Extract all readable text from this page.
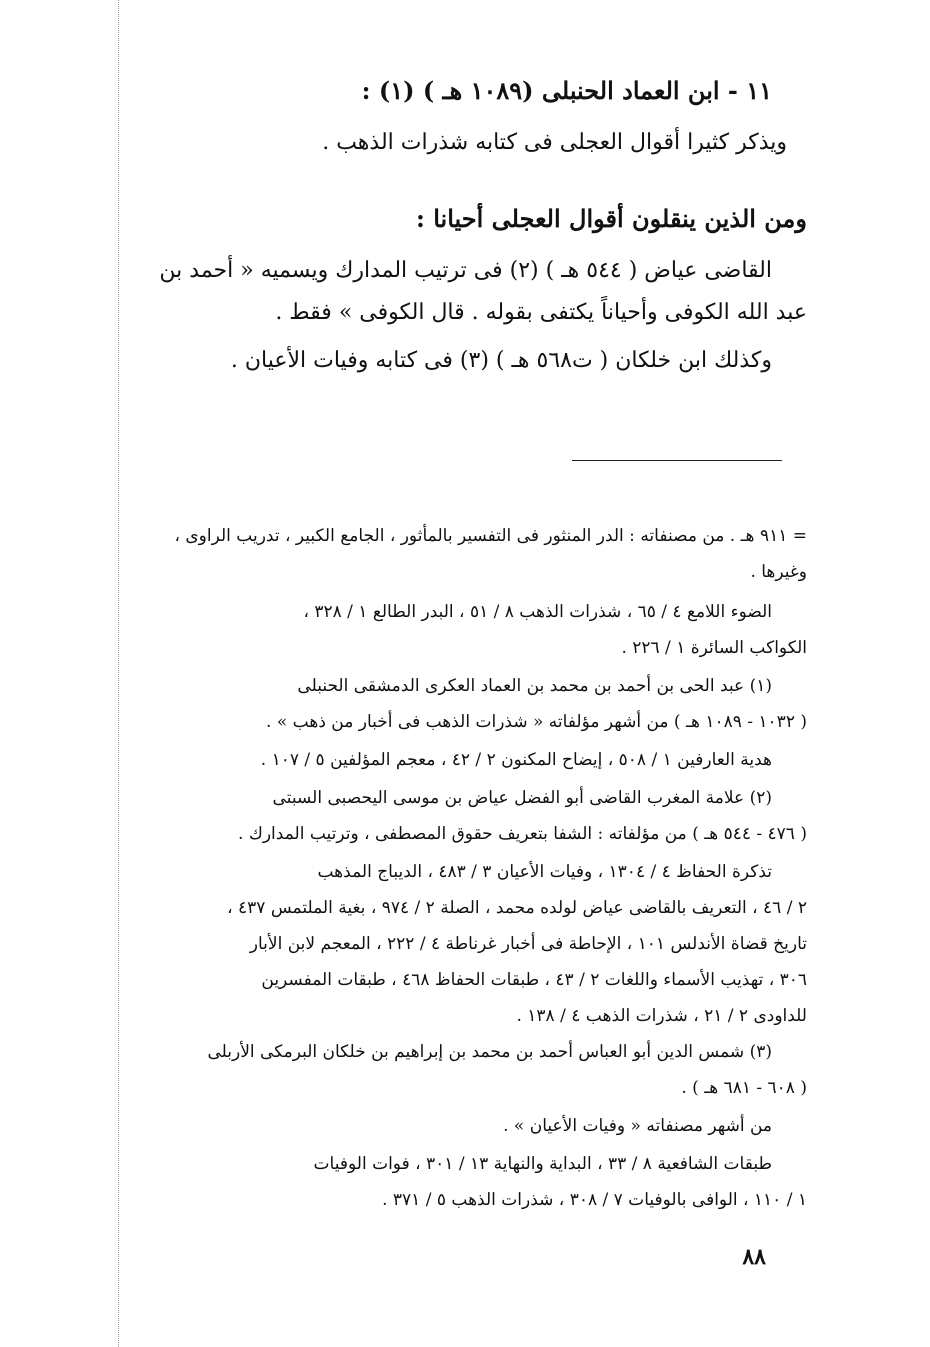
١١ - ابن العماد الحنبلى (١٠٨٩ هـ ) (١) :
ويذكر كثيرا أقوال العجلى فى كتابه شذرات الذهب .
ومن الذين ينقلون أقوال العجلى أحيانا :
القاضى عياض ( ٥٤٤ هـ ) (٢) فى ترتيب المدارك ويسميه « أحمد بن
عبد الله الكوفى وأحياناً يكتفى بقوله . قال الكوفى » فقط .
وكذلك ابن خلكان ( ت٥٦٨ هـ ) (٣) فى كتابه وفيات الأعيان .
= ٩١١ هـ . من مصنفاته : الدر المنثور فى التفسير بالمأثور ، الجامع الكبير ، تدريب الراوى ،
وغيرها .
الضوء اللامع ٤ / ٦٥ ، شذرات الذهب ٨ / ٥١ ، البدر الطالع ١ / ٣٢٨ ،
الكواكب السائرة ١ / ٢٢٦ .
(١) عبد الحى بن أحمد بن محمد بن العماد العكرى الدمشقى الحنبلى
( ١٠٣٢ - ١٠٨٩ هـ ) من أشهر مؤلفاته « شذرات الذهب فى أخبار من ذهب » .
هدية العارفين ١ / ٥٠٨ ، إيضاح المكنون ٢ / ٤٢ ، معجم المؤلفين ٥ / ١٠٧ .
(٢) علامة المغرب القاضى أبو الفضل عياض بن موسى اليحصبى السبتى
( ٤٧٦ - ٥٤٤ هـ ) من مؤلفاته : الشفا بتعريف حقوق المصطفى ، وترتيب المدارك .
تذكرة الحفاظ ٤ / ١٣٠٤ ، وفيات الأعيان ٣ / ٤٨٣ ، الديباج المذهب
٢ / ٤٦ ، التعريف بالقاضى عياض لولده محمد ، الصلة ٢ / ٩٧٤ ، بغية الملتمس ٤٣٧ ،
تاريخ قضاة الأندلس ١٠١ ، الإحاطة فى أخبار غرناطة ٤ / ٢٢٢ ، المعجم لابن الأبار
٣٠٦ ، تهذيب الأسماء واللغات ٢ / ٤٣ ، طبقات الحفاظ ٤٦٨ ، طبقات المفسرين
للداودى ٢ / ٢١ ، شذرات الذهب ٤ / ١٣٨ .
(٣) شمس الدين أبو العباس أحمد بن محمد بن إبراهيم بن خلكان البرمكى الأربلى
( ٦٠٨ - ٦٨١ هـ ) .
من أشهر مصنفاته « وفيات الأعيان » .
طبقات الشافعية ٨ / ٣٣ ، البداية والنهاية ١٣ / ٣٠١ ، فوات الوفيات
١ / ١١٠ ، الوافى بالوفيات ٧ / ٣٠٨ ، شذرات الذهب ٥ / ٣٧١ .
٨٨
